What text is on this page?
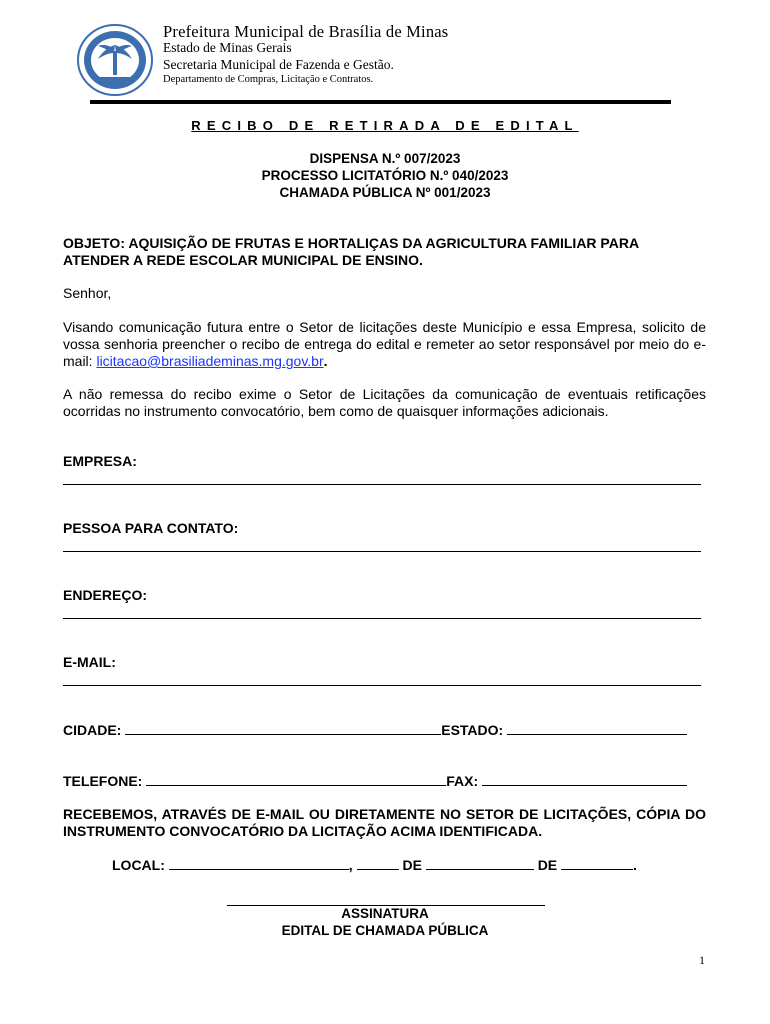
Prefeitura Municipal de Brasília de Minas
Estado de Minas Gerais
Secretaria Municipal de Fazenda e Gestão.
Departamento de Compras, Licitação e Contratos.
RECIBO DE RETIRADA DE EDITAL
DISPENSA N.º 007/2023
PROCESSO LICITATÓRIO N.º 040/2023
CHAMADA PÚBLICA Nº 001/2023
OBJETO: AQUISIÇÃO DE FRUTAS E HORTALIÇAS DA AGRICULTURA FAMILIAR PARA ATENDER A REDE ESCOLAR MUNICIPAL DE ENSINO.
Senhor,
Visando comunicação futura entre o Setor de licitações deste Município e essa Empresa, solicito de vossa senhoria preencher o recibo de entrega do edital e remeter ao setor responsável por meio do e-mail: licitacao@brasiliademinas.mg.gov.br.
A não remessa do recibo exime o Setor de Licitações da comunicação de eventuais retificações ocorridas no instrumento convocatório, bem como de quaisquer informações adicionais.
EMPRESA:
PESSOA PARA CONTATO:
ENDEREÇO:
E-MAIL:
CIDADE:	ESTADO:
TELEFONE:	FAX:
RECEBEMOS, ATRAVÉS DE E-MAIL OU DIRETAMENTE NO SETOR DE LICITAÇÕES, CÓPIA DO INSTRUMENTO CONVOCATÓRIO DA LICITAÇÃO ACIMA IDENTIFICADA.
LOCAL:	,	DE	DE	.
ASSINATURA
EDITAL DE CHAMADA PÚBLICA
1
